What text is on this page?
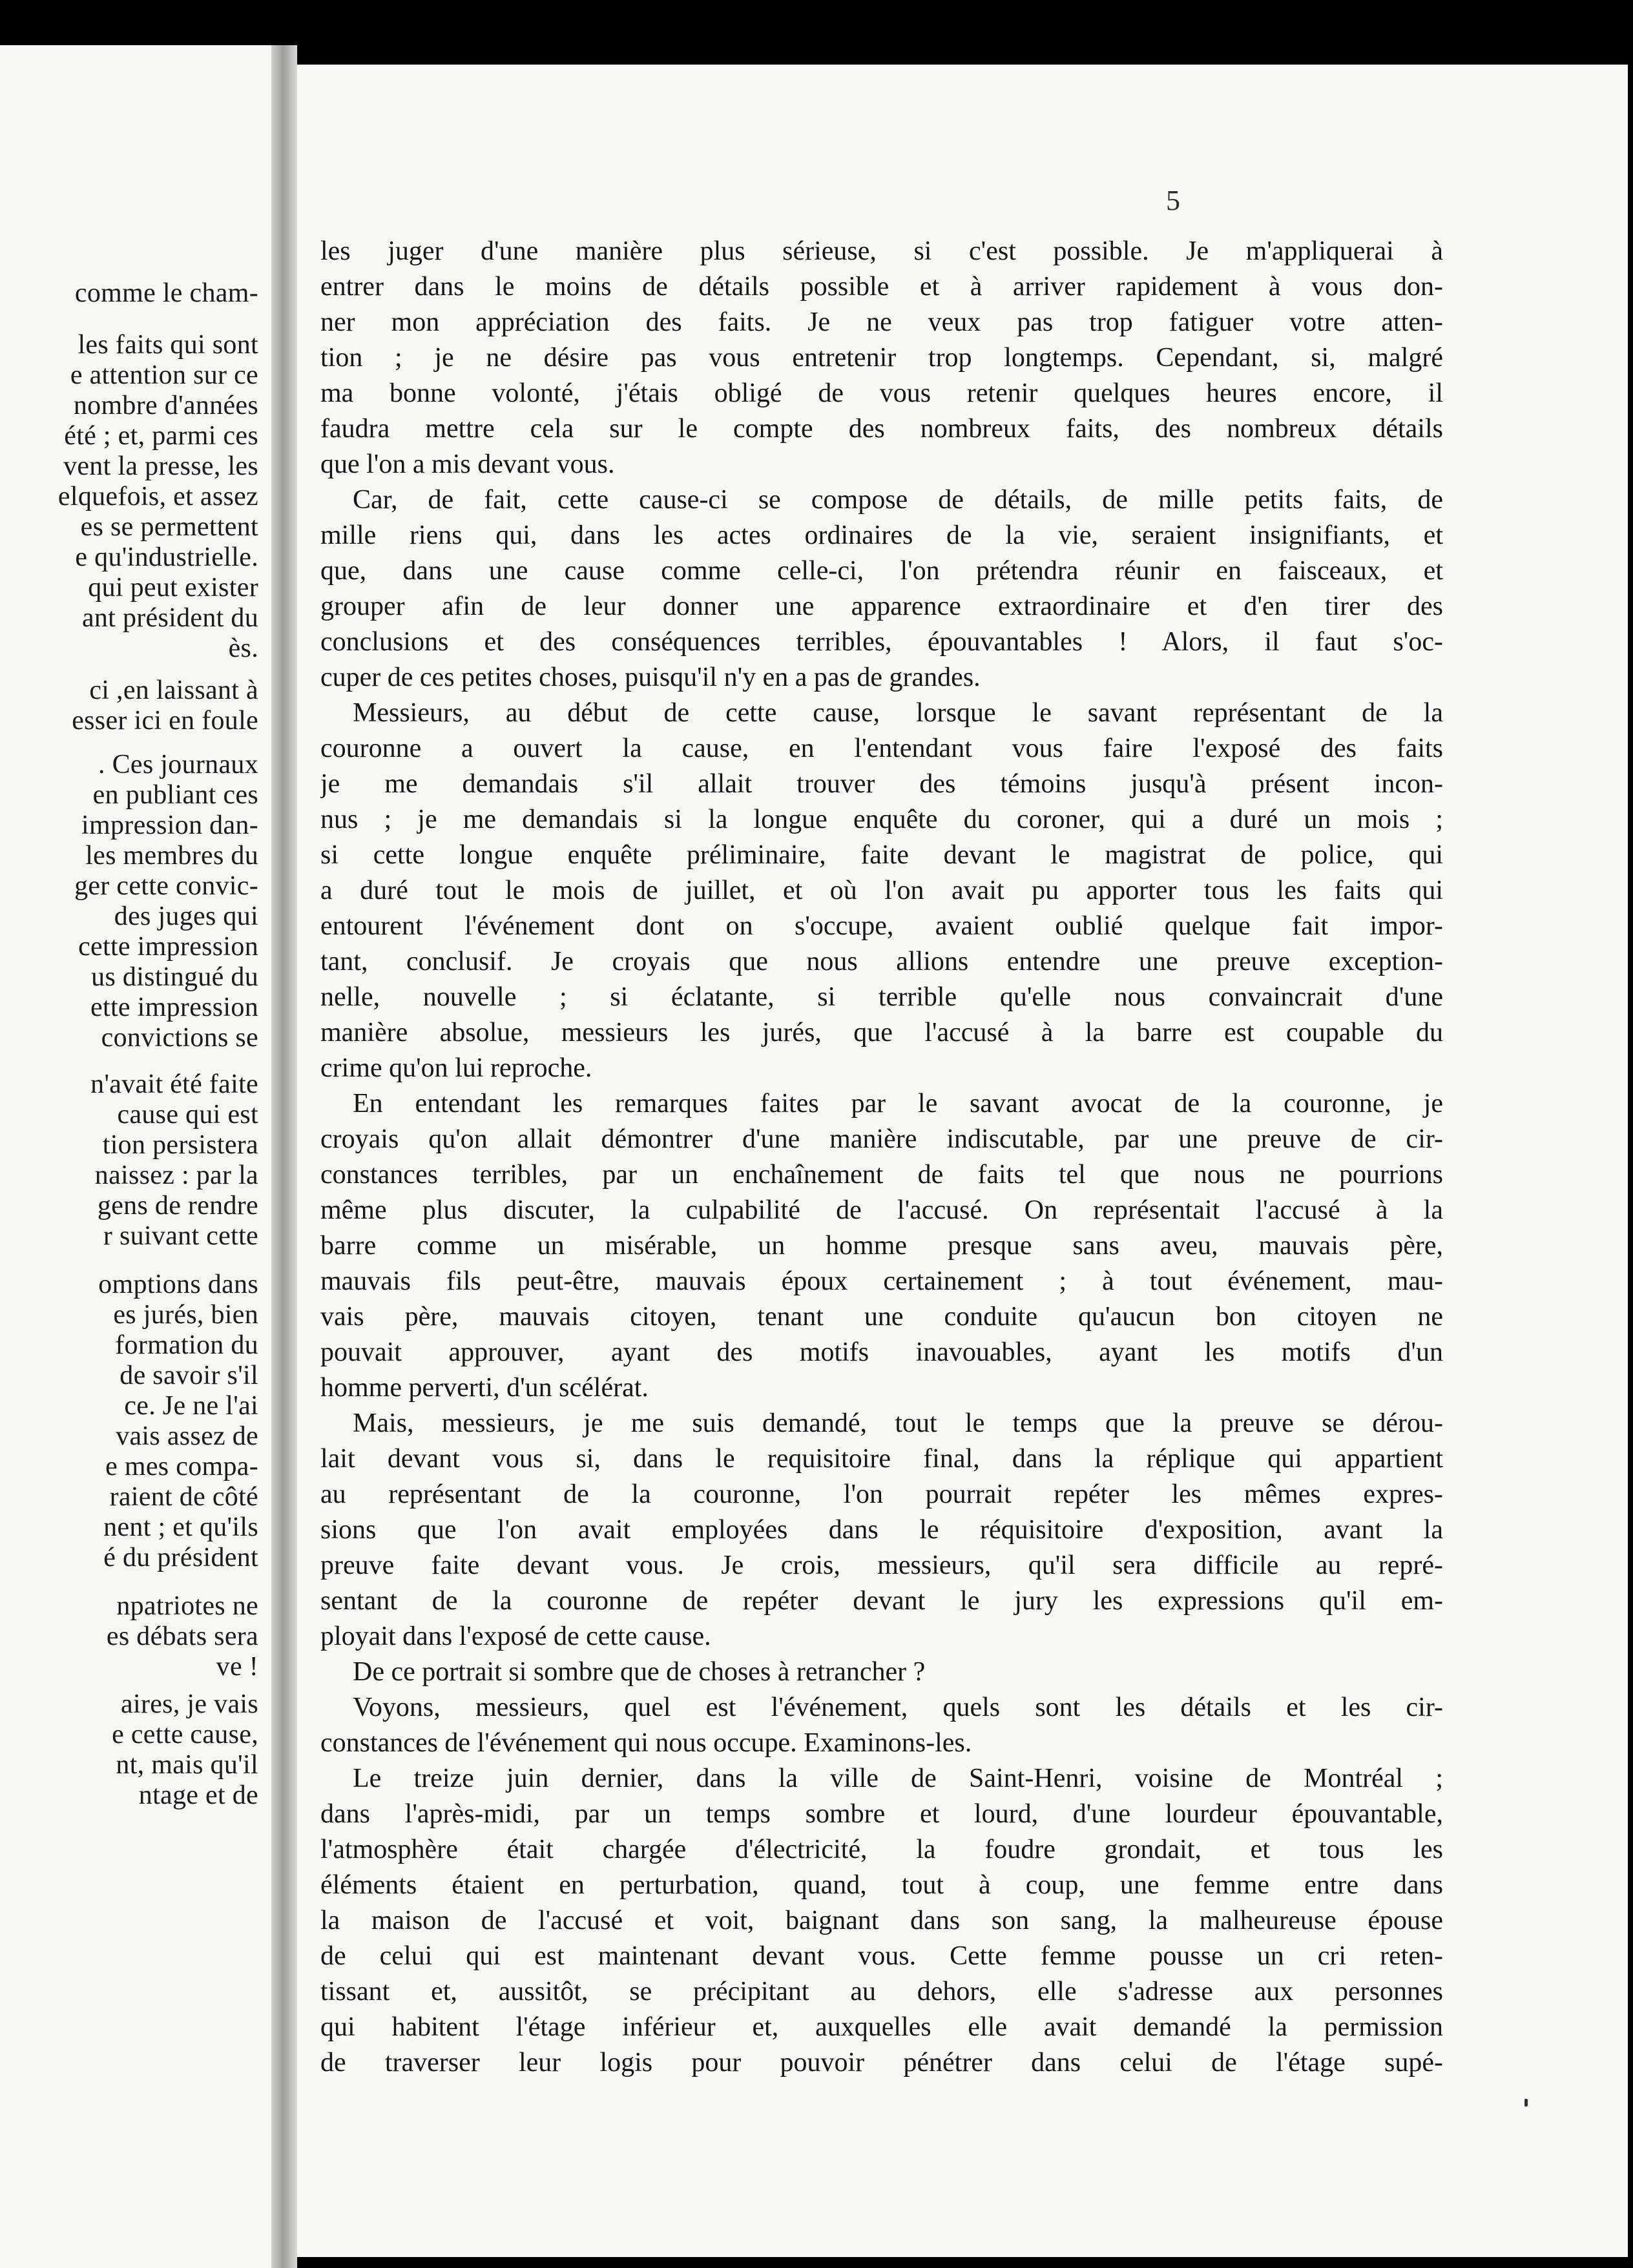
comme le cham-
les faits qui sont
e attention sur ce
nombre d'années
été ; et, parmi ces
vent la presse, les
elquefois, et assez
es se permettent
e qu'industrielle.
qui peut exister
ant président du
ès.
ci ,en laissant à
esser ici en foule
. Ces journaux
en publiant ces
impression dan-
les membres du
ger cette convic-
des juges qui
cette impression
us distingué du
ette impression
convictions se
n'avait été faite
cause qui est
tion persistera
naissez : par la
gens de rendre
r suivant cette
omptions dans
es jurés, bien
formation du
de savoir s'il
ce. Je ne l'ai
vais assez de
e mes compa-
raient de côté
nent ; et qu'ils
é du président
npatriotes ne
es débats sera
ve !
aires, je vais
e cette cause,
nt, mais qu'il
ntage et de
5
les juger d'une manière plus sérieuse, si c'est possible. Je m'appliquerai à
entrer dans le moins de détails possible et à arriver rapidement à vous don-
ner mon appréciation des faits. Je ne veux pas trop fatiguer votre atten-
tion ; je ne désire pas vous entretenir trop longtemps. Cependant, si, malgré
ma bonne volonté, j'étais obligé de vous retenir quelques heures encore, il
faudra mettre cela sur le compte des nombreux faits, des nombreux détails
que l'on a mis devant vous.
Car, de fait, cette cause-ci se compose de détails, de mille petits faits, de
mille riens qui, dans les actes ordinaires de la vie, seraient insignifiants, et
que, dans une cause comme celle-ci, l'on prétendra réunir en faisceaux, et
grouper afin de leur donner une apparence extraordinaire et d'en tirer des
conclusions et des conséquences terribles, épouvantables ! Alors, il faut s'oc-
cuper de ces petites choses, puisqu'il n'y en a pas de grandes.
Messieurs, au début de cette cause, lorsque le savant représentant de la
couronne a ouvert la cause, en l'entendant vous faire l'exposé des faits
je me demandais s'il allait trouver des témoins jusqu'à présent incon-
nus ; je me demandais si la longue enquête du coroner, qui a duré un mois ;
si cette longue enquête préliminaire, faite devant le magistrat de police, qui
a duré tout le mois de juillet, et où l'on avait pu apporter tous les faits qui
entourent l'événement dont on s'occupe, avaient oublié quelque fait impor-
tant, conclusif. Je croyais que nous allions entendre une preuve exception-
nelle, nouvelle ; si éclatante, si terrible qu'elle nous convaincrait d'une
manière absolue, messieurs les jurés, que l'accusé à la barre est coupable du
crime qu'on lui reproche.
En entendant les remarques faites par le savant avocat de la couronne, je
croyais qu'on allait démontrer d'une manière indiscutable, par une preuve de cir-
constances terribles, par un enchaînement de faits tel que nous ne pourrions
même plus discuter, la culpabilité de l'accusé. On représentait l'accusé à la
barre comme un misérable, un homme presque sans aveu, mauvais père,
mauvais fils peut-être, mauvais époux certainement ; à tout événement, mau-
vais père, mauvais citoyen, tenant une conduite qu'aucun bon citoyen ne
pouvait approuver, ayant des motifs inavouables, ayant les motifs d'un
homme perverti, d'un scélérat.
Mais, messieurs, je me suis demandé, tout le temps que la preuve se dérou-
lait devant vous si, dans le requisitoire final, dans la réplique qui appartient
au représentant de la couronne, l'on pourrait repéter les mêmes expres-
sions que l'on avait employées dans le réquisitoire d'exposition, avant la
preuve faite devant vous. Je crois, messieurs, qu'il sera difficile au repré-
sentant de la couronne de repéter devant le jury les expressions qu'il em-
ployait dans l'exposé de cette cause.
De ce portrait si sombre que de choses à retrancher ?
Voyons, messieurs, quel est l'événement, quels sont les détails et les cir-
constances de l'événement qui nous occupe. Examinons-les.
Le treize juin dernier, dans la ville de Saint-Henri, voisine de Montréal ;
dans l'après-midi, par un temps sombre et lourd, d'une lourdeur épouvantable,
l'atmosphère était chargée d'électricité, la foudre grondait, et tous les
éléments étaient en perturbation, quand, tout à coup, une femme entre dans
la maison de l'accusé et voit, baignant dans son sang, la malheureuse épouse
de celui qui est maintenant devant vous. Cette femme pousse un cri reten-
tissant et, aussitôt, se précipitant au dehors, elle s'adresse aux personnes
qui habitent l'étage inférieur et, auxquelles elle avait demandé la permission
de traverser leur logis pour pouvoir pénétrer dans celui de l'étage supé-
